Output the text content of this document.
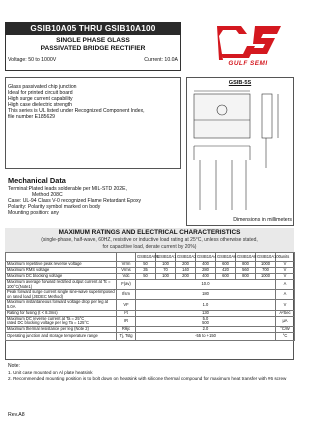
GSIB10A05 THRU GSIB10A100
SINGLE PHASE GLASS
PASSIVATED BRIDGE RECTIFIER
Voltage: 50 to 1000V	Current: 10.0A	GULF SEMI
Glass passivated chip junction
Ideal for printed circuit board
High surge current capability
High case dielectric strength
This series is UL listed under Recognized Component Index,
file number E185629
GSIB-5S
Dimensions in millimeters
Mechanical Data
Terminal:Plated leads solderable per MIL-STD 202E,
Method 208C
Case: UL-94 Class V-0 recognized Flame Retardant Epoxy
Polarity: Polarity symbol marked on body
Mounting position: any
MAXIMUM RATINGS AND ELECTRICAL CHARACTERISTICS
(single-phase, half-wave, 60HZ, resistive or inductive load rating at 25°C, unless otherwise stated,
for capacitive load, derate current by 20%)
		GSIB10A05	GSIB10A1	GSIB10A2	GSIB10A4	GSIB10A6	GSIB10A8	GSIB10A100	units
Maximum repetitive peak reverse voltage	Vrrm	50	100	200	400	600	800	1000	V
Maximum RMS voltage	Vrms	35	70	140	280	420	560	700	V
Maximum DC blocking voltage	Vdc	50	100	200	400	600	800	1000	V
Maximum average forward rectified output current at Tc = 100°C(Note1)	F(av)	10.0							A
Peak forward surge current single sine-wave superimposed on rated load (JEDEC Method)	Ifsm	180							A
Maximum instantaneous forward voltage drop per leg at 5.0A	VF	1.0							V
Rating for fusing (t < 8.3ms)	I²t	130							A²Sec
Maximum DC reverse current at Ta = 25°C
rated DC blocking voltage per leg Ta = 125°C	IR	5.0
500							µA
Maximum thermal resistance per leg (Note 2)	Rθjc	2.0							°C/W
Operating junction and storage temperature range	Tj, Tstg	-55 to +150							°C
Note:
1. Unit case mounted on Al plate heatsink
2. Recommended mounting position is to bolt down on heatsink with silicone thermal compound for maximum heat transfer with #6 screw
Rev.A8
